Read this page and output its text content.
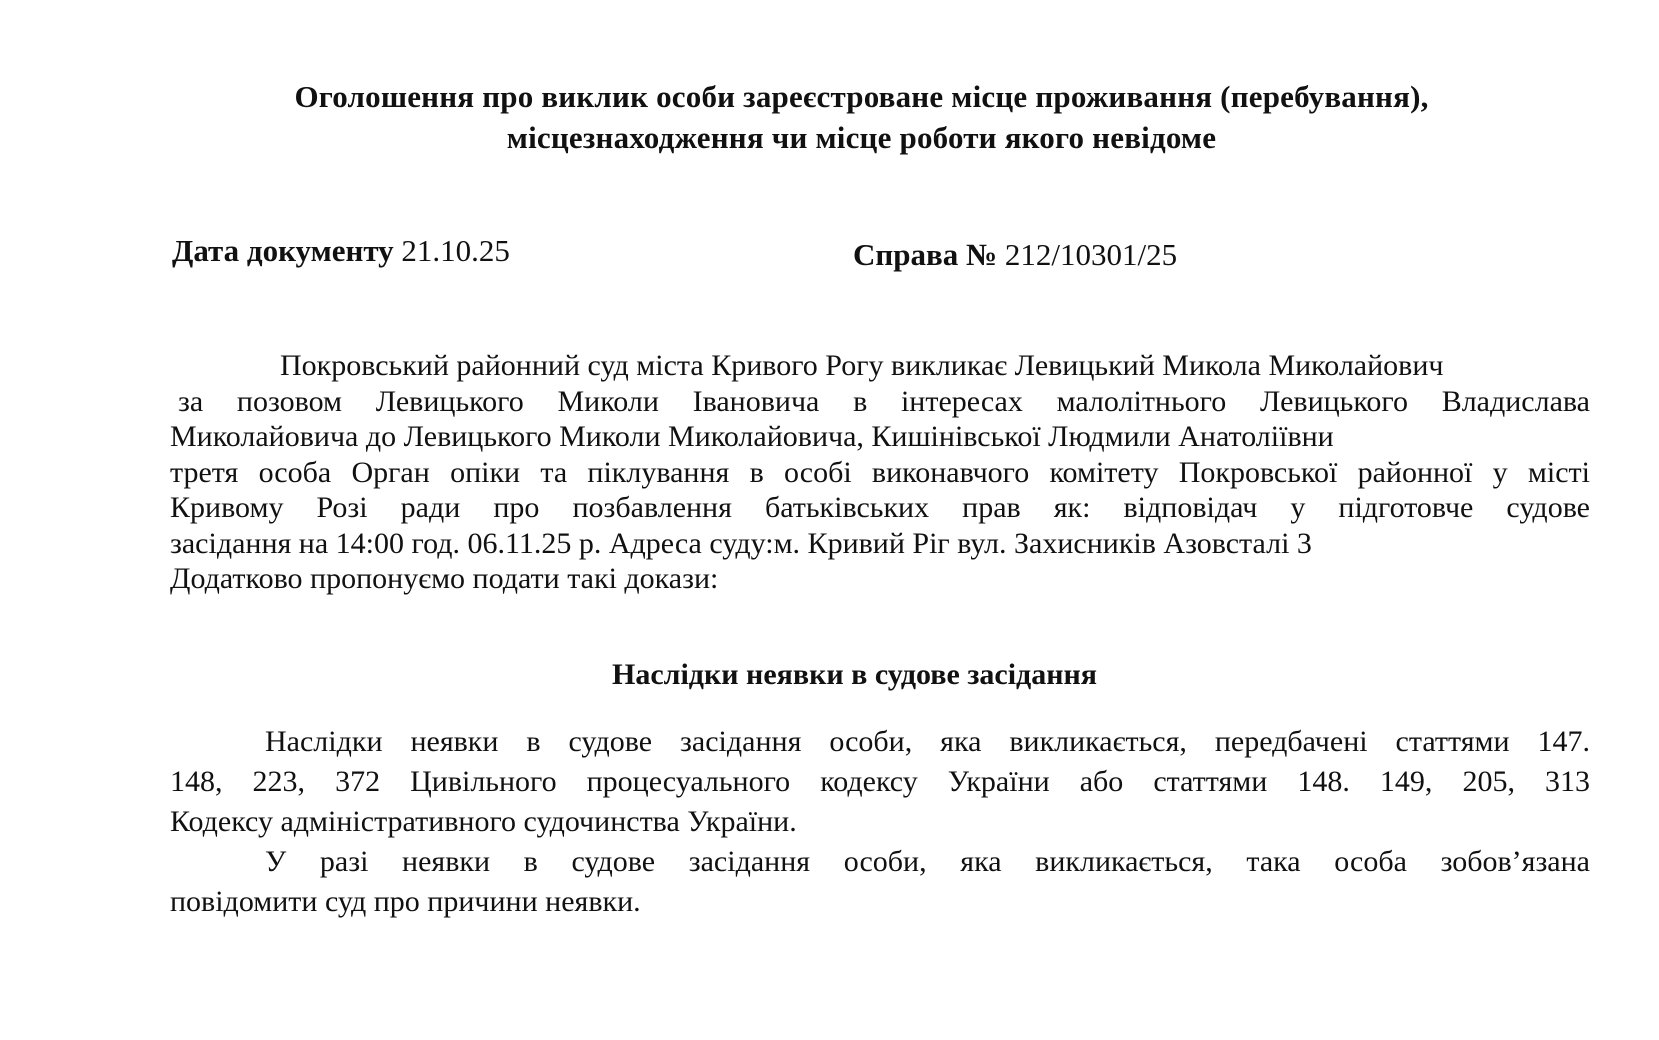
Оголошення про виклик особи зареєстроване місце проживання (перебування),
місцезнаходження чи місце роботи якого невідоме
Дата документу 21.10.25	Справа № 212/10301/25
Покровський районний суд міста Кривого Рогу викликає Левицький Микола Миколайович
за позовом Левицького Миколи Івановича в інтересах малолітнього Левицького Владислава
Миколайовича до Левицького Миколи Миколайовича, Кишінівської Людмили Анатоліївни
третя особа Орган опіки та піклування в особі виконавчого комітету Покровської районної у місті
Кривому Розі ради про позбавлення батьківських прав як: відповідач у підготовче судове
засідання на 14:00 год. 06.11.25 р. Адреса суду:м. Кривий Ріг вул. Захисників Азовсталі 3
Додатково пропонуємо подати такі докази:
Наслідки неявки в судове засідання
Наслідки неявки в судове засідання особи, яка викликається, передбачені статтями 147.
148, 223, 372 Цивільного процесуального кодексу України або статтями 148. 149, 205, 313
Кодексу адміністративного судочинства України.
У разі неявки в судове засідання особи, яка викликається, така особа зобов’язана
повідомити суд про причини неявки.
